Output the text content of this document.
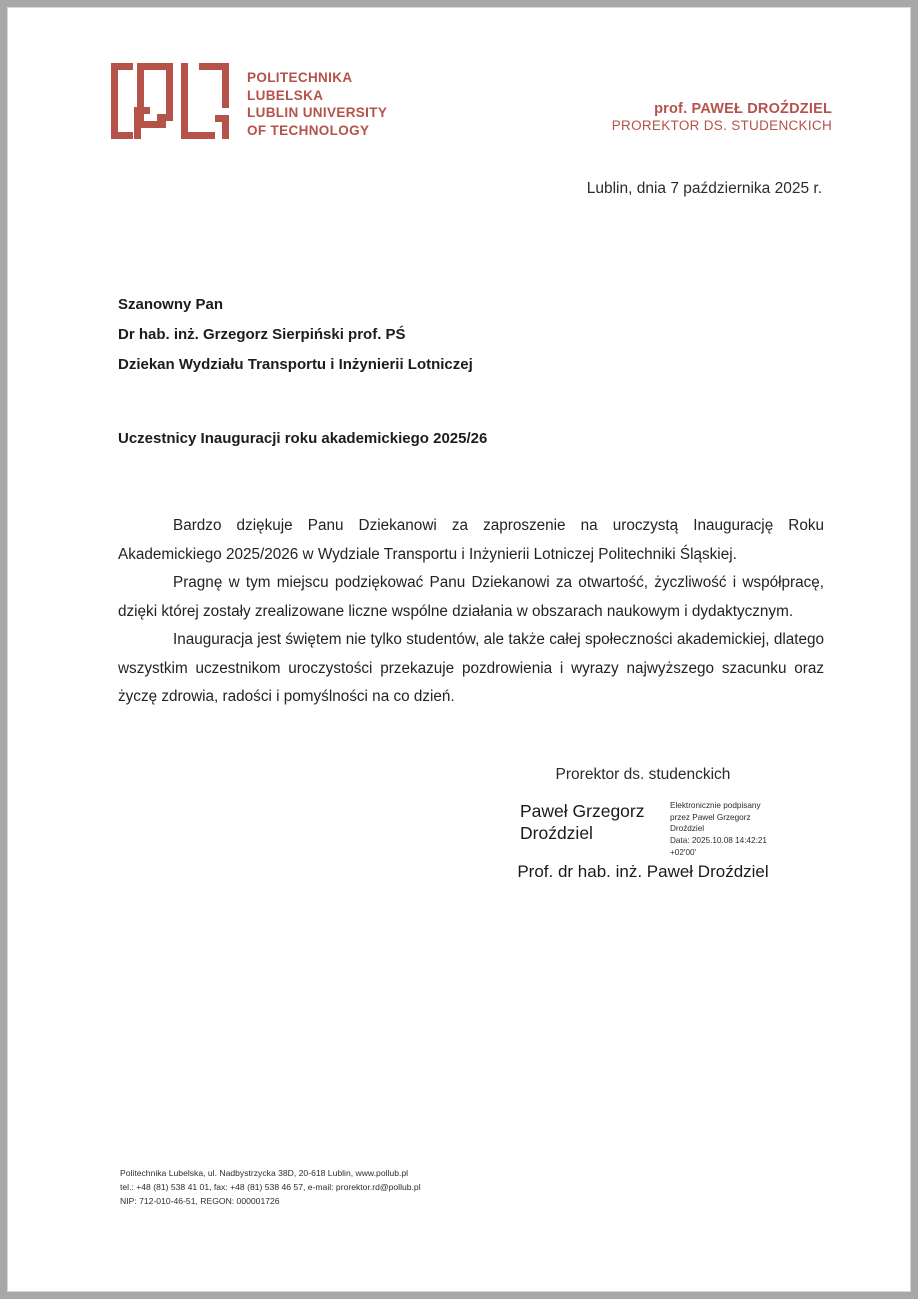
POLITECHNIKA
LUBELSKA
LUBLIN UNIVERSITY
OF TECHNOLOGY
prof. PAWEŁ DROŹDZIEL
PROREKTOR DS. STUDENCKICH
Lublin, dnia 7 października 2025 r.
Szanowny Pan
Dr hab. inż. Grzegorz Sierpiński prof. PŚ
Dziekan Wydziału Transportu i Inżynierii Lotniczej
Uczestnicy Inauguracji roku akademickiego 2025/26

Bardzo dziękuje Panu Dziekanowi za zaproszenie na uroczystą Inaugurację Roku Akademickiego 2025/2026 w Wydziale Transportu i Inżynierii Lotniczej Politechniki Śląskiej.

Pragnę w tym miejscu podziękować Panu Dziekanowi za otwartość, życzliwość i współpracę, dzięki której zostały zrealizowane liczne wspólne działania w obszarach naukowym i dydaktycznym.

Inauguracja jest świętem nie tylko studentów, ale także całej społeczności akademickiej, dlatego wszystkim uczestnikom uroczystości przekazuje pozdrowienia i wyrazy najwyższego szacunku oraz życzę zdrowia, radości i pomyślności na co dzień.

Prorektor ds. studenckich
Paweł Grzegorz
Droździel
Elektronicznie podpisany
przez Pawel Grzegorz
Droździel
Data: 2025.10.08 14:42:21
+02'00'
Prof. dr hab. inż. Paweł Droździel
Politechnika Lubelska, ul. Nadbystrzycka 38D, 20-618 Lublin, www.pollub.pl
tel.: +48 (81) 538 41 01, fax: +48 (81) 538 46 57, e-mail: prorektor.rd@pollub.pl
NIP: 712-010-46-51, REGON: 000001726
